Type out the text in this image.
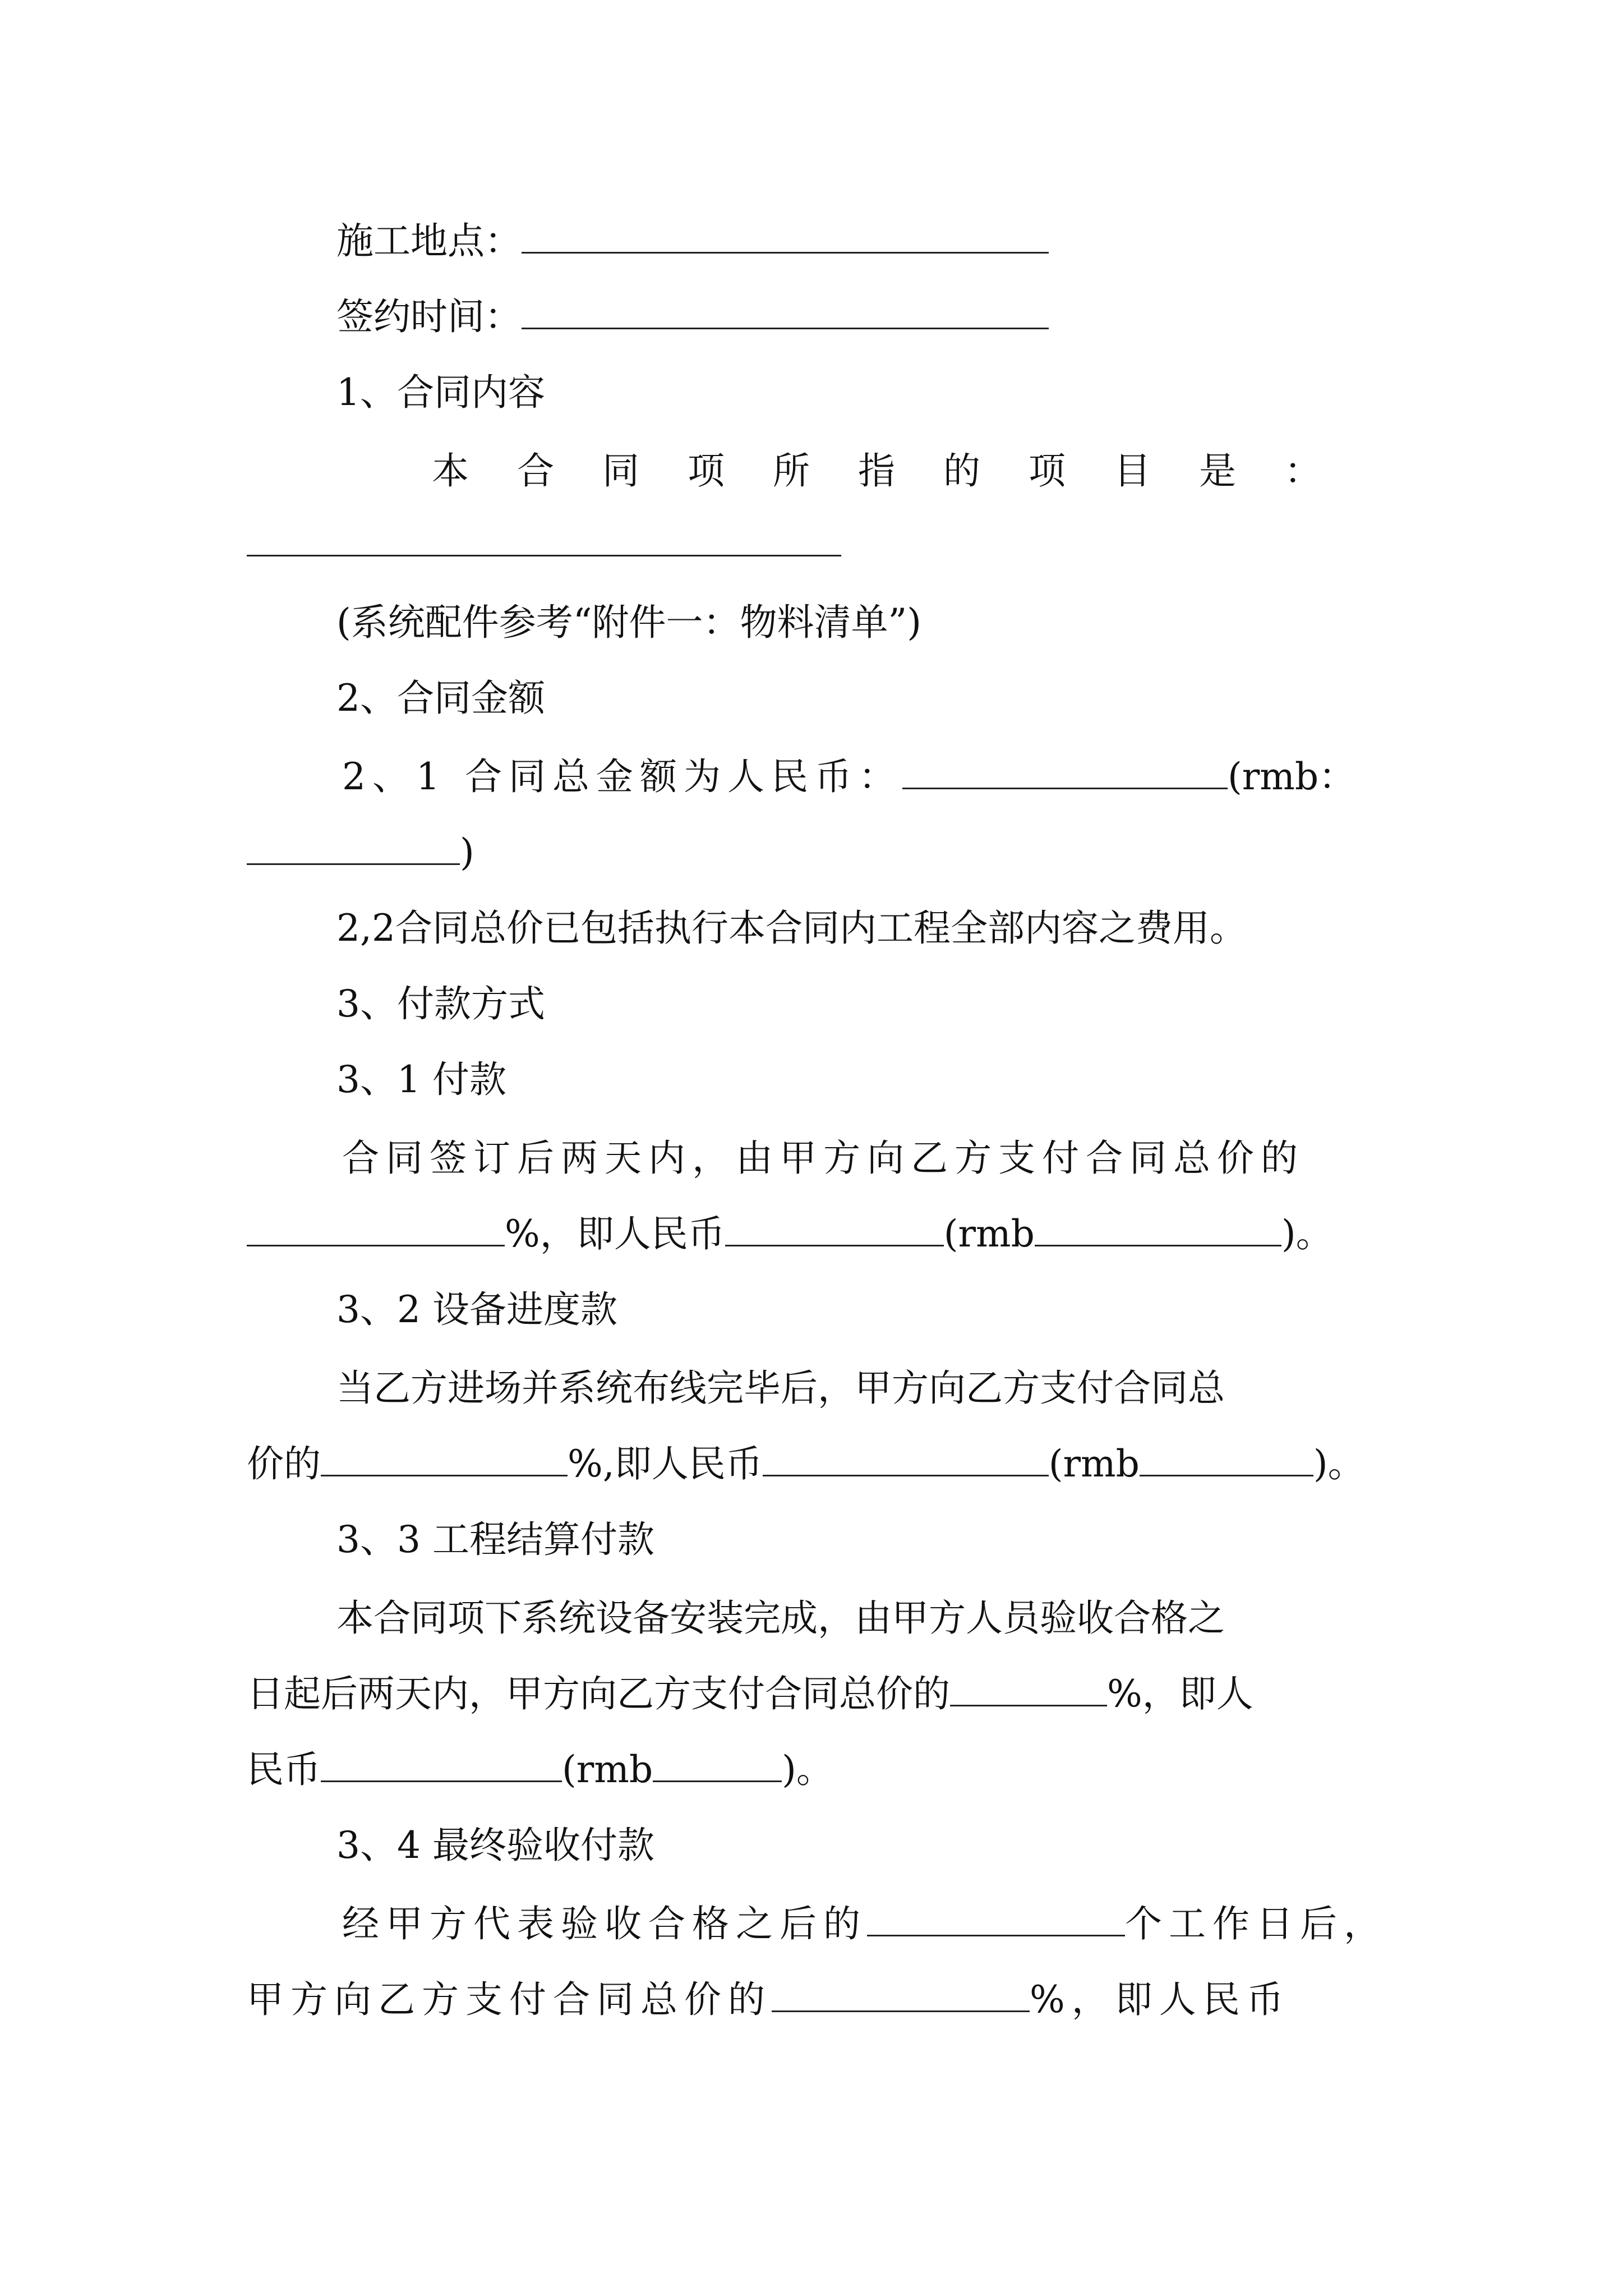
施工地点：
签约时间：
1、合同内容
本合同项所指的项目是：
(系统配件参考“附件一：物料清单”)
2、合同金额
2、1 合同总金额为人民币：	(rmb：
)
2,2合同总价已包括执行本合同内工程全部内容之费用。
3、付款方式
3、1 付款
合同签订后两天内，由甲方向乙方支付合同总价的
%，即人民币	(rmb	)。
3、2 设备进度款
当乙方进场并系统布线完毕后，甲方向乙方支付合同总
价的	%,即人民币	(rmb	)。
3、3 工程结算付款
本合同项下系统设备安装完成，由甲方人员验收合格之
日起后两天内，甲方向乙方支付合同总价的	%，即人
民币	(rmb	)。
3、4 最终验收付款
经甲方代表验收合格之后的	个工作日后，
甲方向乙方支付合同总价的	%，即人民币
